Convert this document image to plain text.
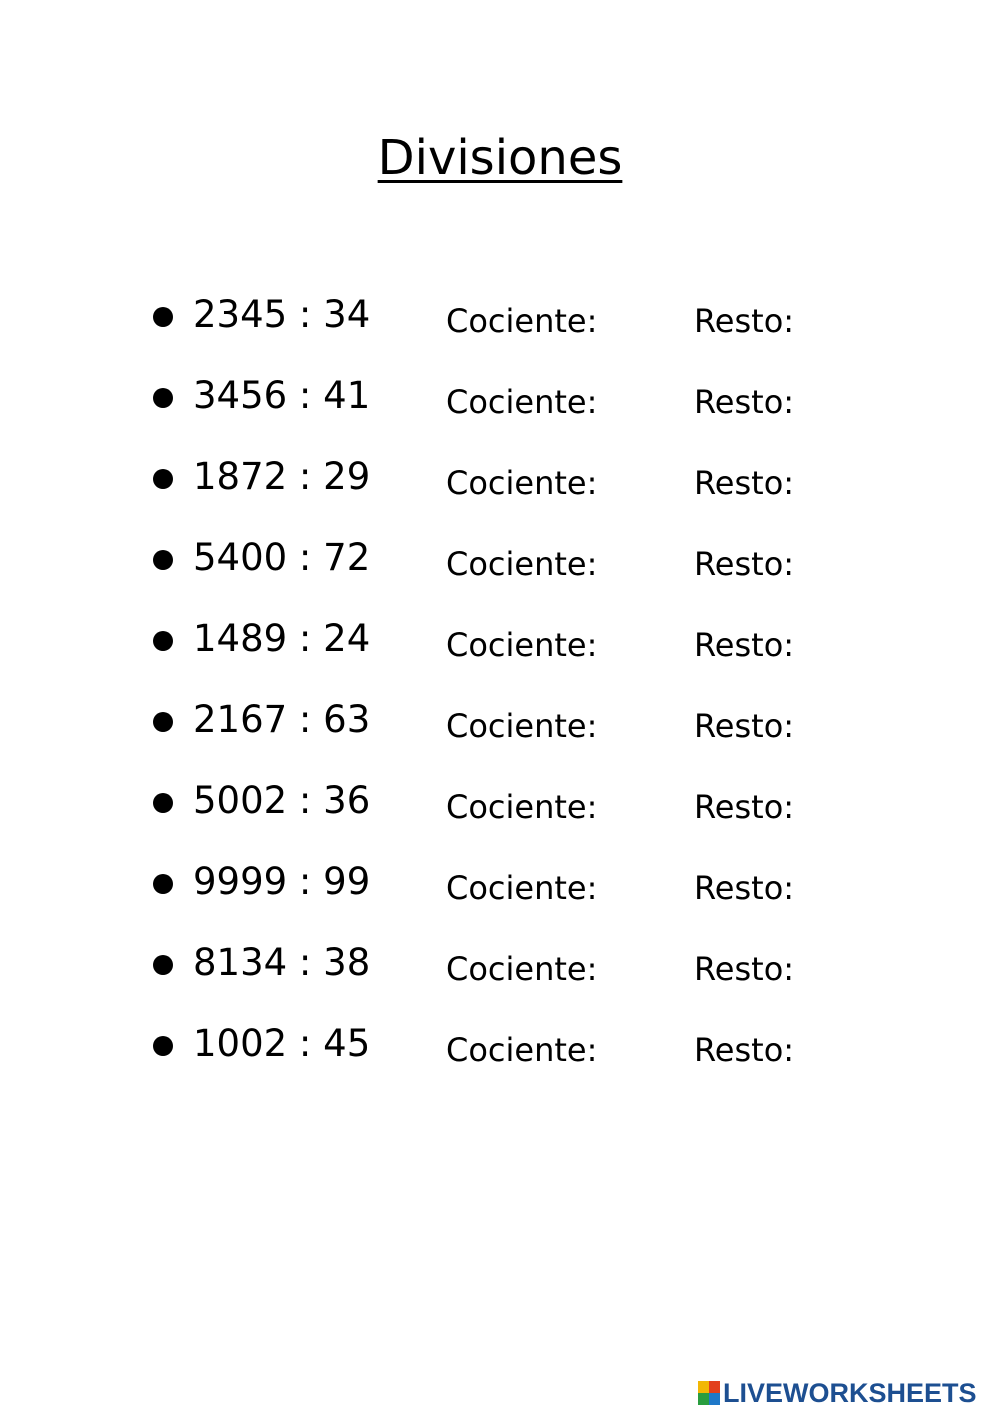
Divisiones
2345 : 34 Cociente:	Resto:
3456 : 41 Cociente:	Resto:
1872 : 29 Cociente:	Resto:
5400 : 72 Cociente:	Resto:
1489 : 24 Cociente:	Resto:
2167 : 63 Cociente:	Resto:
5002 : 36 Cociente:	Resto:
9999 : 99 Cociente:	Resto:
8134 : 38 Cociente:	Resto:
1002 : 45 Cociente:	Resto:
LIVEWORKSHEETS
